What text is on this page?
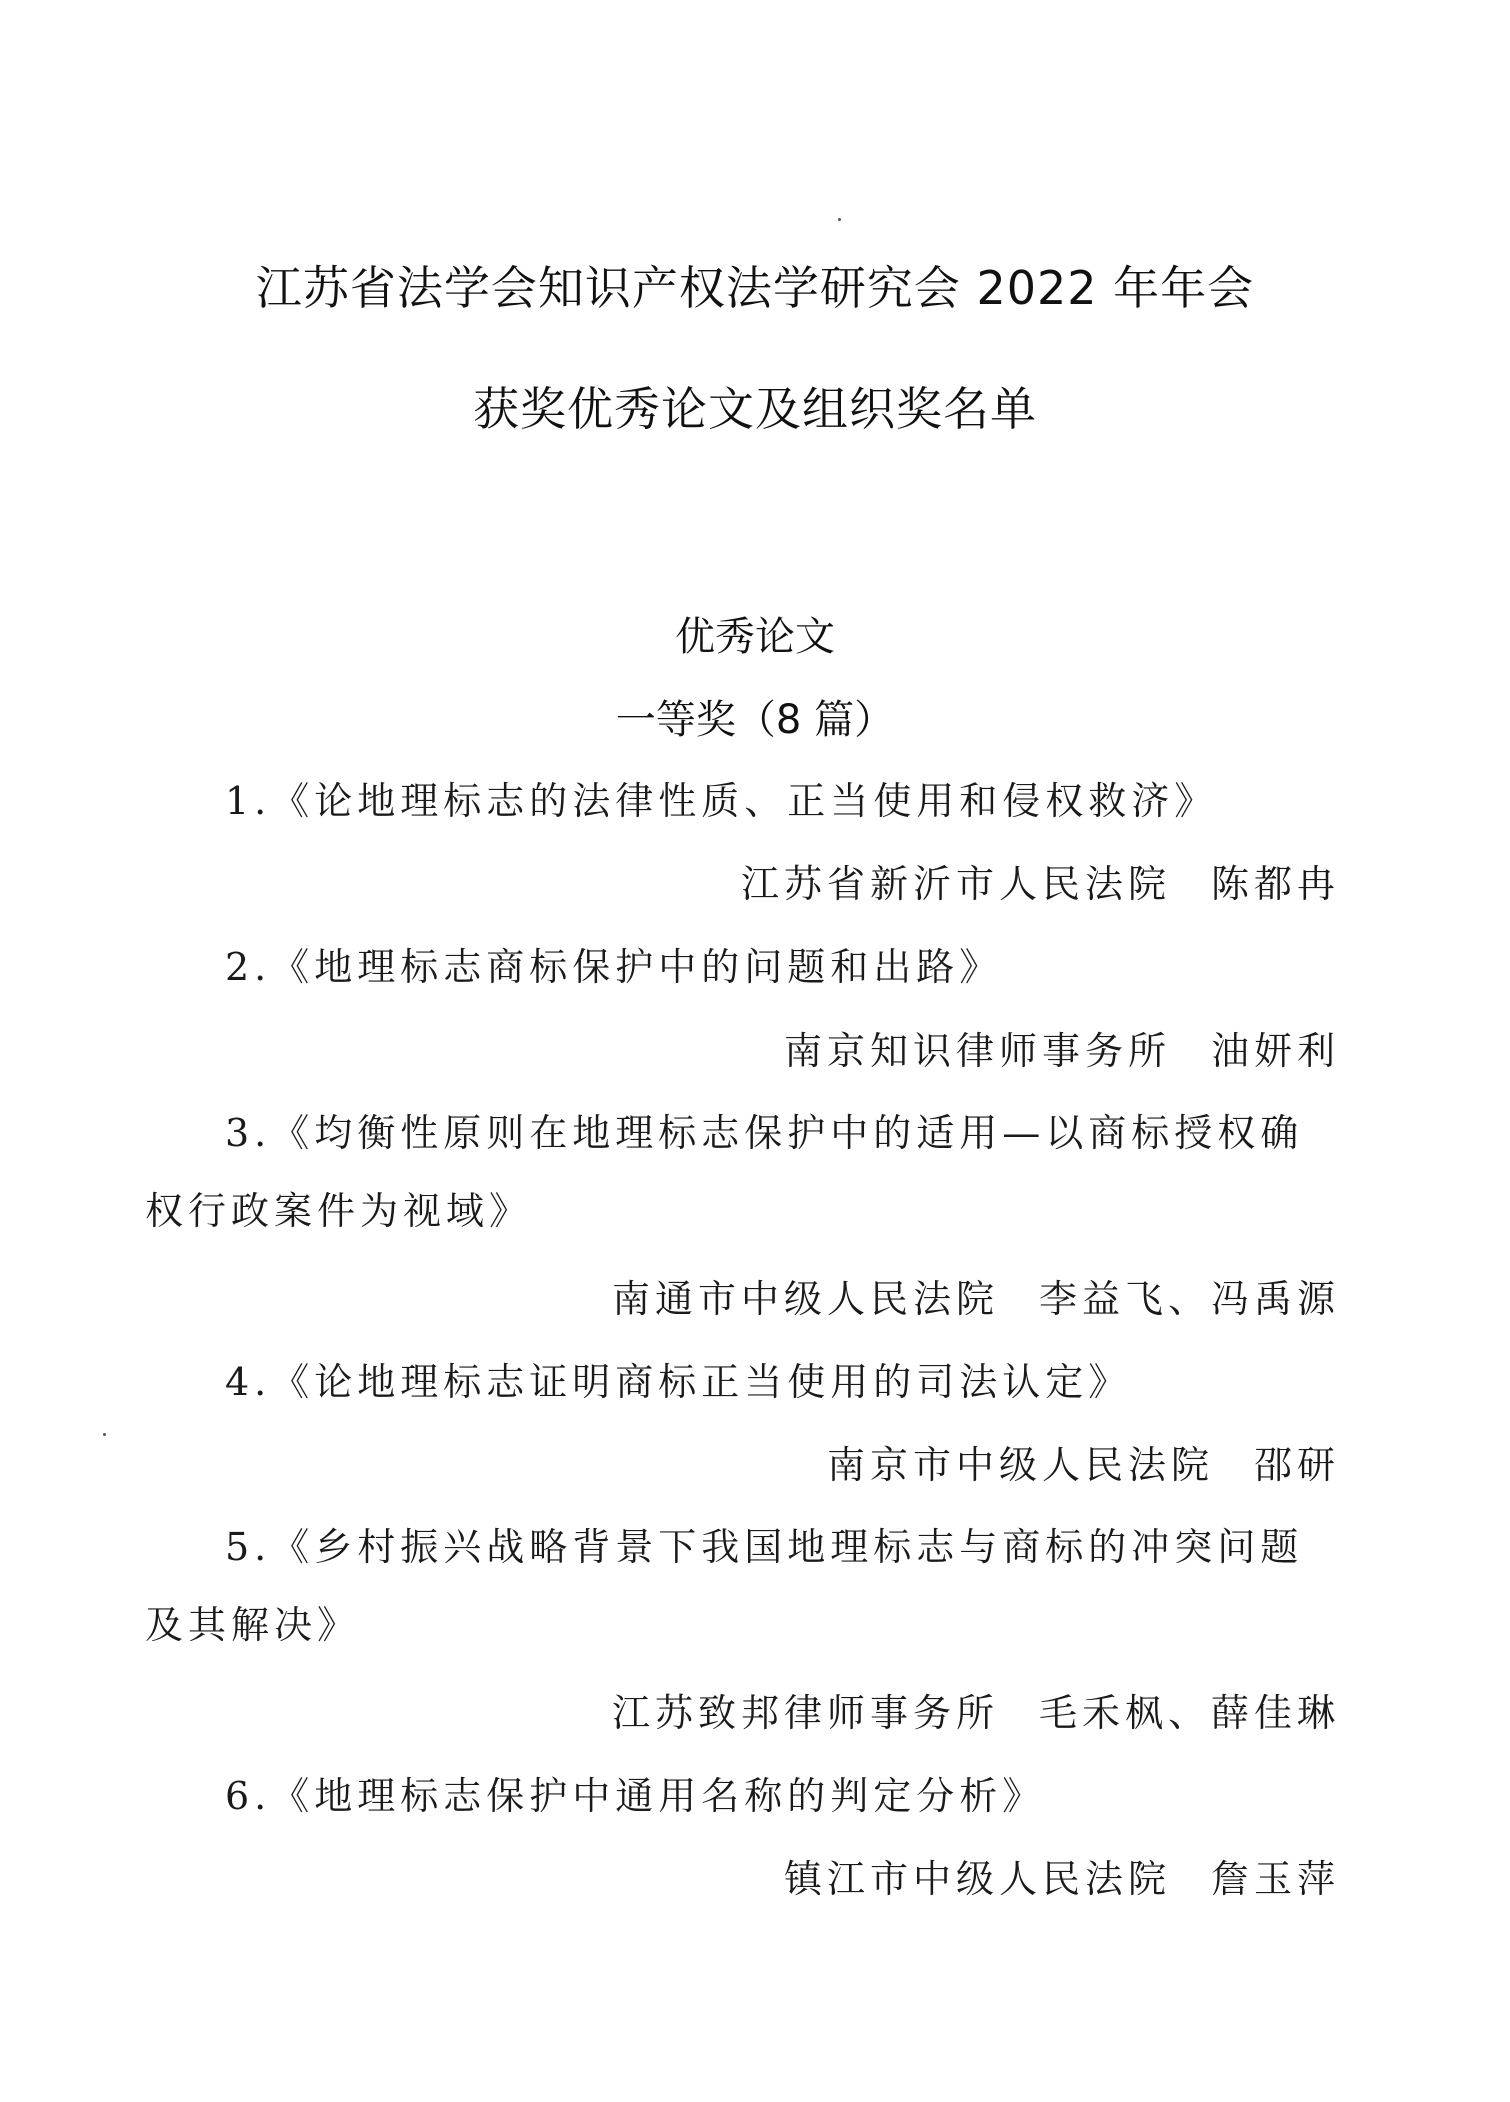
江苏省法学会知识产权法学研究会 2022 年年会
获奖优秀论文及组织奖名单
优秀论文
一等奖（8 篇）
1.《论地理标志的法律性质、正当使用和侵权救济》
江苏省新沂市人民法院 陈都冉
2.《地理标志商标保护中的问题和出路》
南京知识律师事务所 油妍利
3.《均衡性原则在地理标志保护中的适用—以商标授权确权行政案件为视域》
南通市中级人民法院 李益飞、冯禹源
4.《论地理标志证明商标正当使用的司法认定》
南京市中级人民法院 邵研
5.《乡村振兴战略背景下我国地理标志与商标的冲突问题及其解决》
江苏致邦律师事务所 毛禾枫、薛佳琳
6.《地理标志保护中通用名称的判定分析》
镇江市中级人民法院 詹玉萍
